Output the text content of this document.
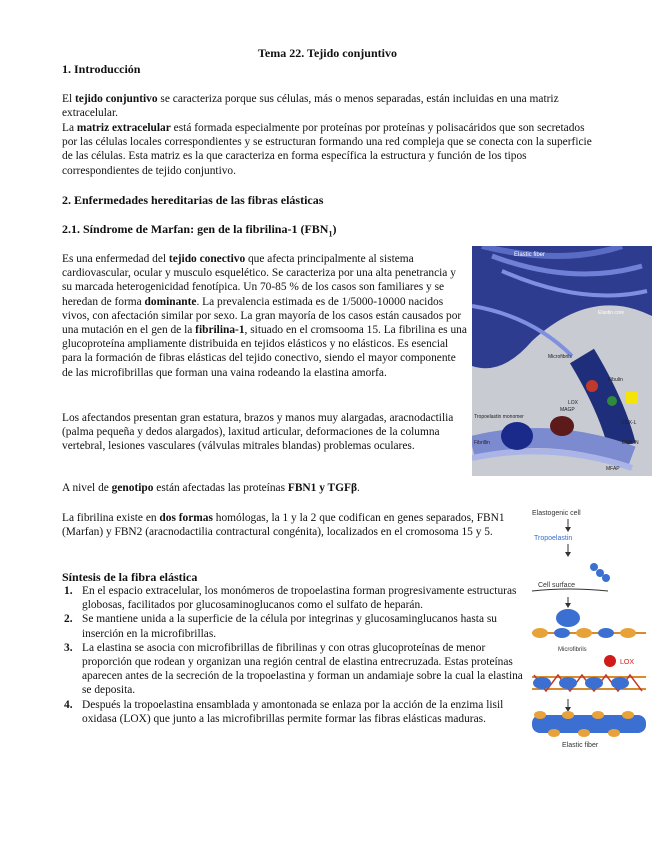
Tema 22. Tejido conjuntivo
1. Introducción

El tejido conjuntivo se caracteriza porque sus células, más o menos separadas, están incluidas en una matriz extracelular.

La matriz extracelular está formada especialmente por proteínas por proteínas y polisacáridos que son secretados por las células locales correspondientes y se estructuran formando una red compleja que se conecta con la superficie de las células. Esta matriz es la que caracteriza en forma específica la estructura y función de los tipos correspondientes de tejido conjuntivo.

2. Enfermedades hereditarias de las fibras elásticas
2.1. Síndrome de Marfan: gen de la fibrilina-1 $(FBN_1)$

Es una enfermedad del tejido conectivo que afecta principalmente al sistema cardiovascular, ocular y musculo esquelético. Se caracteriza por una alta penetrancia y su marcada heterogenicidad fenotípica. Un 70-85 % de los casos son familiares y se heredan de forma dominante. La prevalencia estimada es de 1/5000-10000 nacidos vivos, con afectación similar por sexo. La gran mayoría de los casos están causados por una mutación en el gen de la fibrilina-1, situado en el cromsooma 15. La fibrilina es una glucoproteína ampliamente distribuida en tejidos elásticos y no elásticos. Es esencial para la formación de fibras elásticas del tejido conectivo, siendo el mayor componente de las microfibrillas que forman una vaina rodeando la elastina amorfa.

Los afectandos presentan gran estatura, brazos y manos muy alargadas, aracnodactilia (palma pequeña y dedos alargados), laxitud articular, deformaciones de la columna vertebral, lesiones vasculares (válvulas mitrales blandas) problemas oculares.

A nivel de genotipo están afectadas las proteínas FBN1 y TGFβ.

La fibrilina existe en dos formas homólogas, la 1 y la 2 que codifican en genes separados, FBN1 (Marfan) y FBN2 (aracnodactilia contractural congénita), localizados en el cromosoma 15 y 5.

Síntesis de la fibra elástica
1. En el espacio extracelular, los monómeros de tropoelastina forman progresivamente estructuras globosas, facilitados por glucosaminoglucanos como el sulfato de heparán.
2. Se mantiene unida a la superficie de la célula por integrinas y glucosaminglucanos hasta su inserción en la microfibrillas.
3. La elastina se asocia con microfibrillas de fibrilinas y con otras glucoproteínas de menor proporción que rodean y organizan una región central de elastina entrecruzada. Estas proteínas aparecen antes de la secreción de la tropoelastina y forman un andamiaje sobre la cual la elastina se deposita.
4. Después la tropoelastina ensamblada y amontonada se enlaza por la acción de la enzima lisil oxidasa (LOX) que junto a las microfibrillas permite formar las fibras elásticas maduras.
Elastic fiber
Elastin core
Microfibrils
Fibulin
LOX
MAGP
Tropoelastin monomer
Fibrillin	EMILIN
LOX-L
MFAP
Elastogenic cell
Tropoelastin
Cell surface
Microfibrils
LOX
Elastic fiber
